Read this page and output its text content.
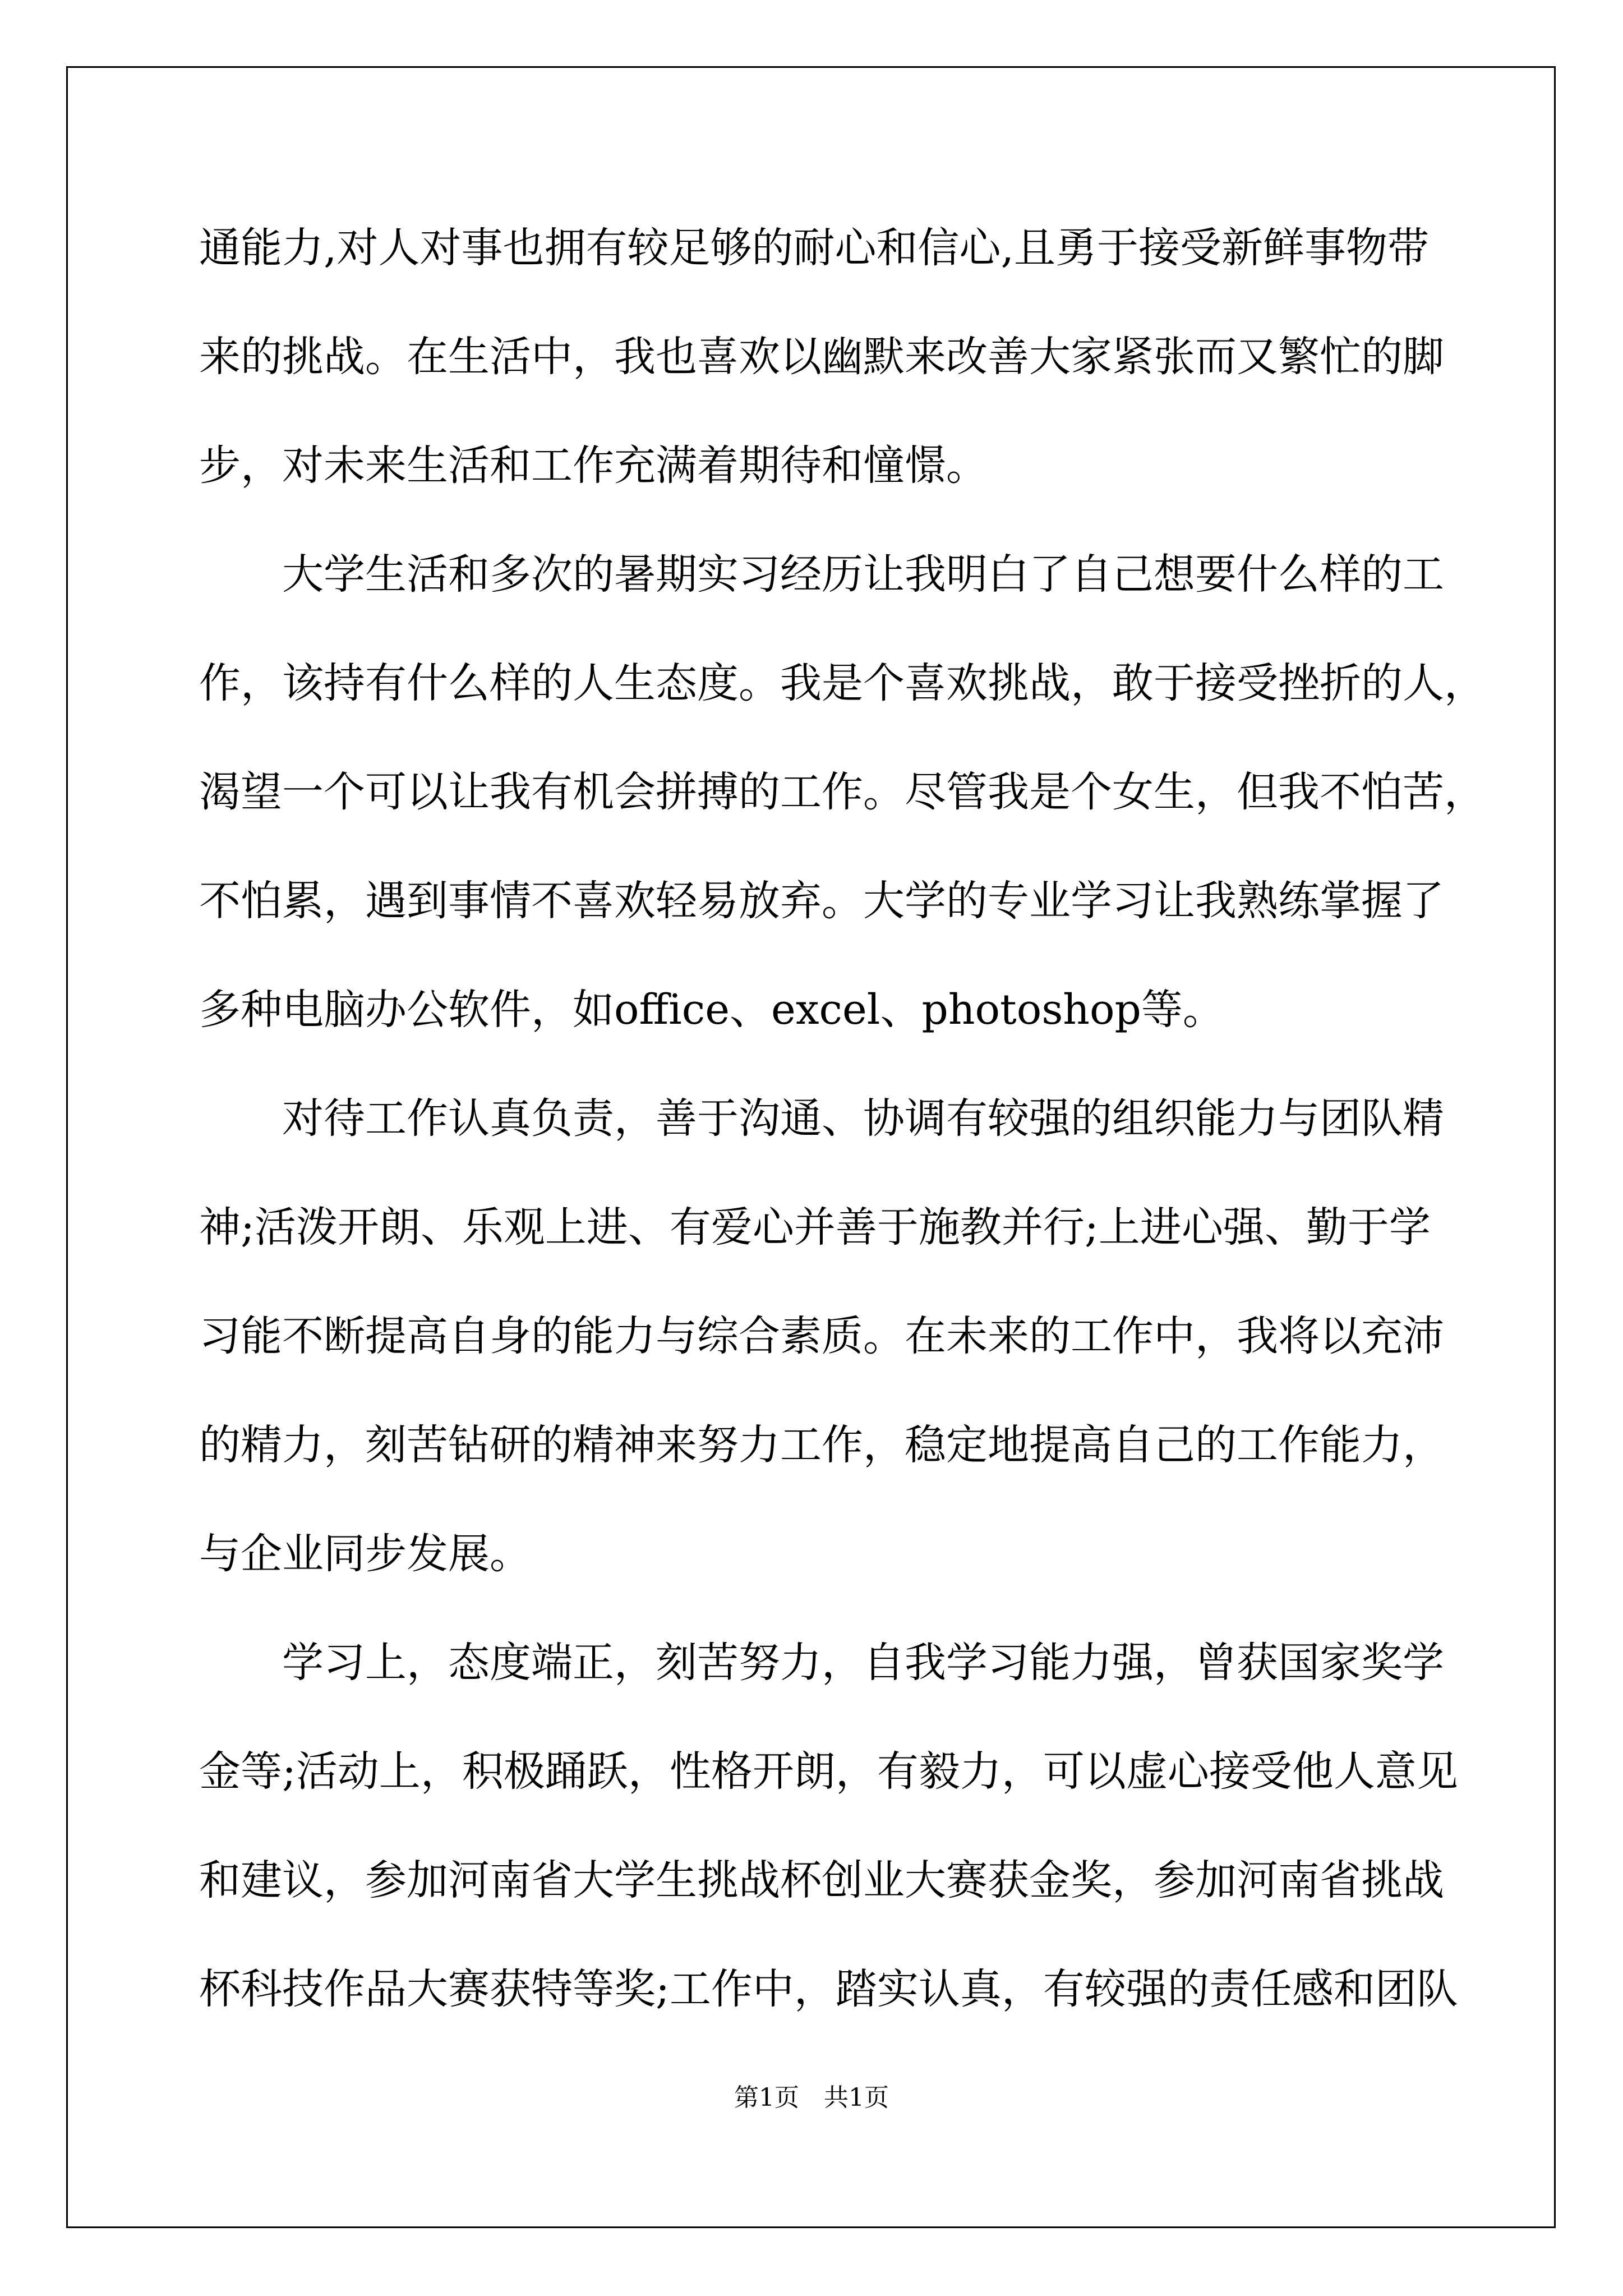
通能力,对人对事也拥有较足够的耐心和信心,且勇于接受新鲜事物带

来的挑战。在生活中，我也喜欢以幽默来改善大家紧张而又繁忙的脚

步，对未来生活和工作充满着期待和憧憬。

　　大学生活和多次的暑期实习经历让我明白了自己想要什么样的工

作，该持有什么样的人生态度。我是个喜欢挑战，敢于接受挫折的人，

渴望一个可以让我有机会拼搏的工作。尽管我是个女生，但我不怕苦，

不怕累，遇到事情不喜欢轻易放弃。大学的专业学习让我熟练掌握了

多种电脑办公软件，如office、excel、photoshop等。

　　对待工作认真负责，善于沟通、协调有较强的组织能力与团队精

神;活泼开朗、乐观上进、有爱心并善于施教并行;上进心强、勤于学

习能不断提高自身的能力与综合素质。在未来的工作中，我将以充沛

的精力，刻苦钻研的精神来努力工作，稳定地提高自己的工作能力，

与企业同步发展。

　　学习上，态度端正，刻苦努力，自我学习能力强，曾获国家奖学

金等;活动上，积极踊跃，性格开朗，有毅力，可以虚心接受他人意见

和建议，参加河南省大学生挑战杯创业大赛获金奖，参加河南省挑战

杯科技作品大赛获特等奖;工作中，踏实认真，有较强的责任感和团队

第1页　共1页
